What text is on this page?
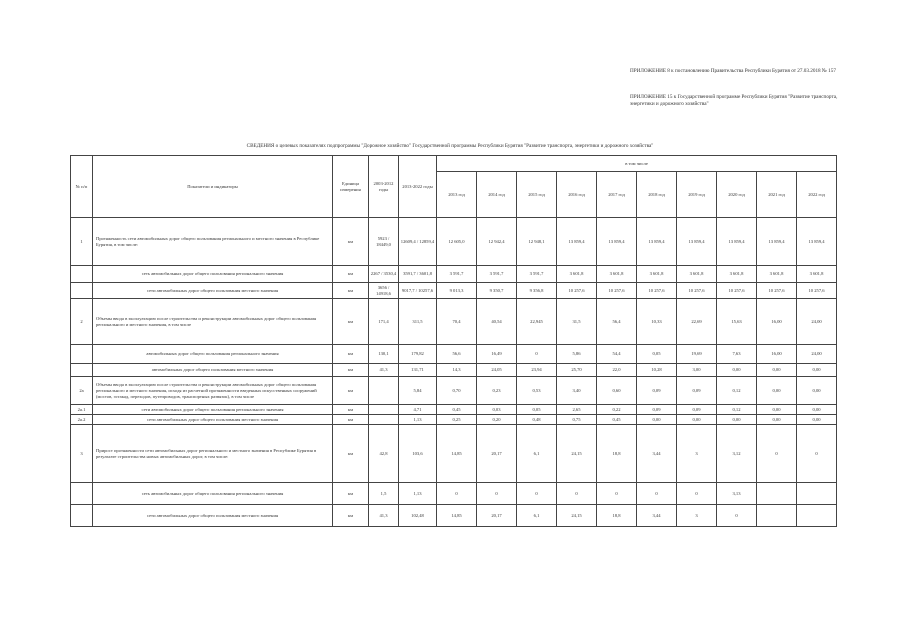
ПРИЛОЖЕНИЕ 8 к постановлению Правительства Республики Бурятия от 27.03.2018 № 157
ПРИЛОЖЕНИЕ 15 к Государственной программе Республики Бурятия "Развитие транспорта, энергетики и дорожного хозяйства"
СВЕДЕНИЯ о целевых показателях подпрограммы "Дорожное хозяйство" Государственной программы Республики Бурятия "Развитие транспорта, энергетики и дорожного хозяйства"
№ п/п	Показатели и индикаторы	Единица измерения	2003-2012 годы	2013-2022 годы	в том числе									
					2013 год	2014 год	2015 год	2016 год	2017 год	2018 год	2019 год	2020 год	2021 год	2022 год
1	Протяженность сети автомобильных дорог общего пользования регионального и местного значения в Республике Бурятия, в том числе:	км	5923 / 18449,0	12609,4 / 12859,4	12 605,0	12 942,4	12 948,1	13 859,4	13 859,4	13 859,4	13 859,4	13 859,4	13 859,4	13 859,4
	сеть автомобильных дорог общего пользования регионального значения	км	2267 / 3530,4	3591,7 / 3601,8	3 591,7	3 591,7	3 591,7	3 601,8	3 601,8	3 601,8	3 601,8	3 601,8	3 601,8	3 601,8
	сети автомобильных дорог общего пользования местного значения	км	3656 / 14918,6	9017,7 / 10257,6	9 013,3	9 350,7	9 356,8	10 257,6	10 257,6	10 257,6	10 257,6	10 257,6	10 257,6	10 257,6
2	Объемы ввода в эксплуатацию после строительства и реконструкции автомобильных дорог общего пользования регионального и местного значения, в том числе	км	171,4	311,5	70,4	40,54	22,945	31,5	56,4	10,33	22,69	15,63	16,00	24,00
	автомобильных дорог общего пользования регионального значения	км	130,1	179,82	56,6	16,49	0	5,86	54,4	0,05	19,69	7,63	16,00	24,00
	автомобильных дорог общего пользования местного значения	км	41,3	131,71	14,3	24,05	23,94	25,70	22,0	10,28	3,00	0,00	0,00	0,00
2а	Объемы ввода в эксплуатацию после строительства и реконструкции автомобильных дорог общего пользования регионального и местного значения, исходя из расчетной протяженности введенных искусственных сооружений (мостов, эстакад, переходов, путепроводов, транспортных развязок), в том числе	км		5,84	0,70	0,23	0,53	3,40	0,60	0,09	0,09	0,12	0,00	0,00
2а.1	сети автомобильных дорог общего пользования регионального значения	км		4,71	0,45	0,03	0,05	2,65	0,22	0,09	0,09	0,12	0,00	0,00
2а.2	сети автомобильных дорог общего пользования местного значения	км		1,13	0,25	0,20	0,48	0,75	0,45	0,00	0,00	0,00	0,00	0,00
3	Прирост протяженности сети автомобильных дорог регионального и местного значения в Республике Бурятия в результате строительства новых автомобильных дорог, в том числе:	км	42,8	103,6	14,85	20,17	6,1	24,15	18,8	3,44	3	3,12	0	0
	сеть автомобильных дорог общего пользования регионального значения	км	1,5	1,13	0	0	0	0	0	0	0	3,13		
	сети автомобильных дорог общего пользования местного значения	км	41,3	102,48	14,85	20,17	6,1	24,15	18,8	3,44	3	0		
